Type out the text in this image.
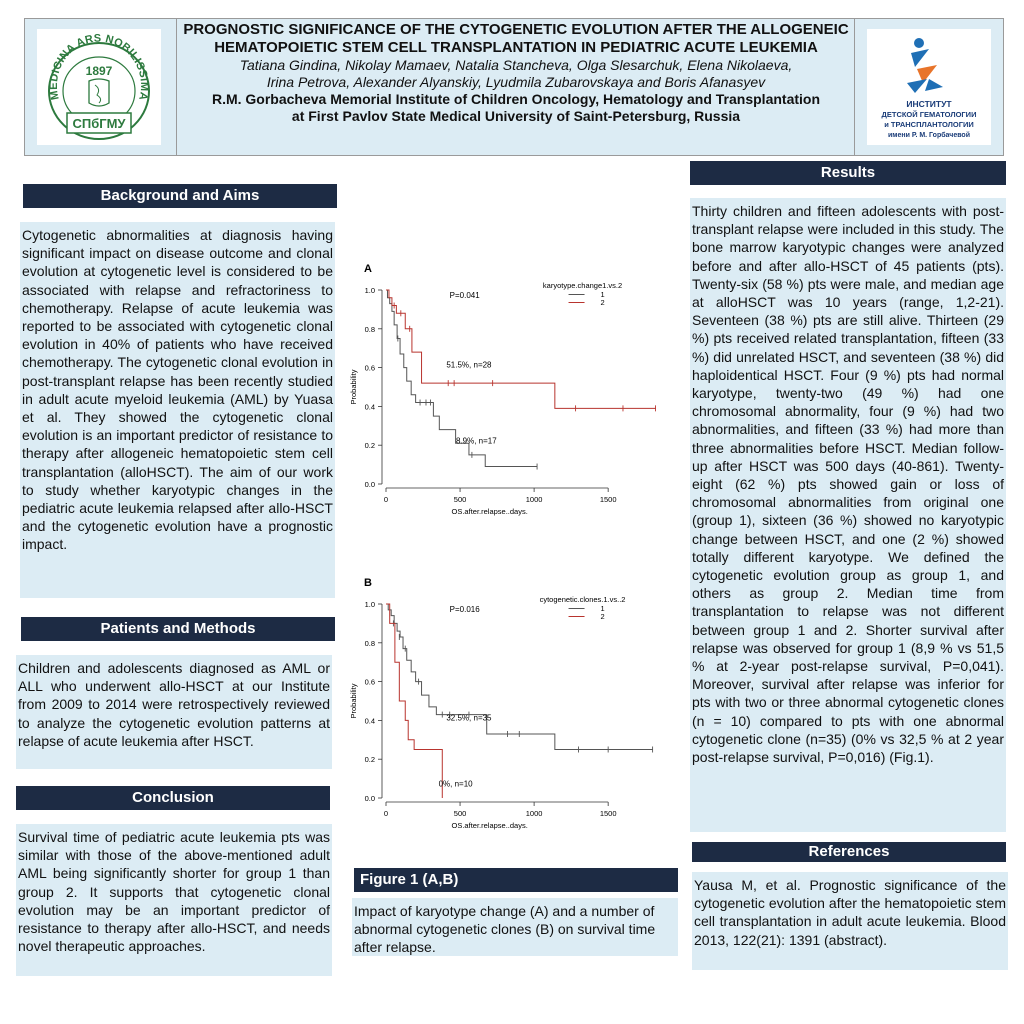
MEDICINA ARS NOBILISSIMA
1897
СПбГМУ

PROGNOSTIC SIGNIFICANCE OF THE CYTOGENETIC EVOLUTION AFTER THE ALLOGENEIC HEMATOPOIETIC STEM CELL TRANSPLANTATION IN PEDIATRIC ACUTE LEUKEMIA

Tatiana Gindina, Nikolay Mamaev, Natalia Stancheva, Olga Slesarchuk, Elena Nikolaeva,

Irina Petrova, Alexander Alyanskiy, Lyudmila Zubarovskaya and Boris Afanasyev

R.M. Gorbacheva Memorial Institute of Children Oncology, Hematology and Transplantation

at First Pavlov State Medical University of Saint-Petersburg, Russia

ИНСТИТУТ
ДЕТСКОЙ ГЕМАТОЛОГИИ
и ТРАНСПЛАНТОЛОГИИ
имени Р. М. Горбачевой
Background and Aims

Cytogenetic abnormalities at diagnosis having significant impact on disease outcome and clonal evolution at cytogenetic level is considered to be associated with relapse and refractoriness to chemotherapy. Relapse of acute leukemia was reported to be associated with cytogenetic clonal evolution in 40% of patients who have received chemotherapy. The cytogenetic clonal evolution in post-transplant relapse has been recently studied in adult acute myeloid leukemia (AML) by Yuasa et al. They showed the cytogenetic clonal evolution is an important predictor of resistance to therapy after allogeneic hematopoietic stem cell transplantation (alloHSCT). The aim of our work to study whether karyotypic changes in the pediatric acute leukemia relapsed after allo-HSCT and the cytogenetic evolution have a prognostic impact.

Patients and Methods

Children and adolescents diagnosed as AML or ALL who underwent allo-HSCT at our Institute from 2009 to 2014 were retrospectively reviewed to analyze the cytogenetic evolution patterns at relapse of acute leukemia after HSCT.

Conclusion

Survival time of pediatric acute leukemia pts was similar with those of the above-mentioned adult AML being significantly shorter for group 1 than group 2. It supports that cytogenetic clonal evolution may be an important predictor of resistance to therapy after allo-HSCT, and needs novel therapeutic approaches.

A
0.0
0.2
0.4
0.6
0.8
1.0
0	500	1000	1500
OS.after.relapse..days.
Probability
P=0.041
karyotype.change1.vs.2
1
2
8.9%, n=17
51.5%, n=28
B
0.0
0.2
0.4
0.6
0.8
1.0
0	500	1000	1500
OS.after.relapse..days.
Probability
P=0.016
cytogenetic.clones.1.vs..2
1
2
32.5%, n=35
0%, n=10
Figure 1 (A,B)

Impact of karyotype change (A) and a number of abnormal cytogenetic clones (B) on survival time after relapse.

Results

Thirty children and fifteen adolescents with post-transplant relapse were included in this study. The bone marrow karyotypic changes were analyzed before and after allo-HSCT of 45 patients (pts). Twenty-six (58 %) pts were male, and median age at alloHSCT was 10 years (range, 1,2-21). Seventeen (38 %) pts are still alive. Thirteen (29 %) pts received related transplantation, fifteen (33 %) did unrelated HSCT, and seventeen (38 %) did haploidentical HSCT. Four (9 %) pts had normal karyotype, twenty-two (49 %) had one chromosomal abnormality, four (9 %) had two abnormalities, and fifteen (33 %) had more than three abnormalities before HSCT. Median follow-up after HSCT was 500 days (40-861). Twenty-eight (62 %) pts showed gain or loss of chromosomal abnormalities from original one (group 1), sixteen (36 %) showed no karyotypic change between HSCT, and one (2 %) showed totally different karyotype. We defined the cytogenetic evolution group as group 1, and others as group 2. Median time from transplantation to relapse was not different between group 1 and 2. Shorter survival after relapse was observed for group 1 (8,9 % vs 51,5 % at 2-year post-relapse survival, P=0,041). Moreover, survival after relapse was inferior for pts with two or three abnormal cytogenetic clones (n = 10) compared to pts with one abnormal cytogenetic clone (n=35) (0% vs 32,5 % at 2 year post-relapse survival, P=0,016) (Fig.1).

References

Yausa M, et al. Prognostic significance of the cytogenetic evolution after the hematopoietic stem cell transplantation in adult acute leukemia. Blood 2013, 122(21): 1391 (abstract).
